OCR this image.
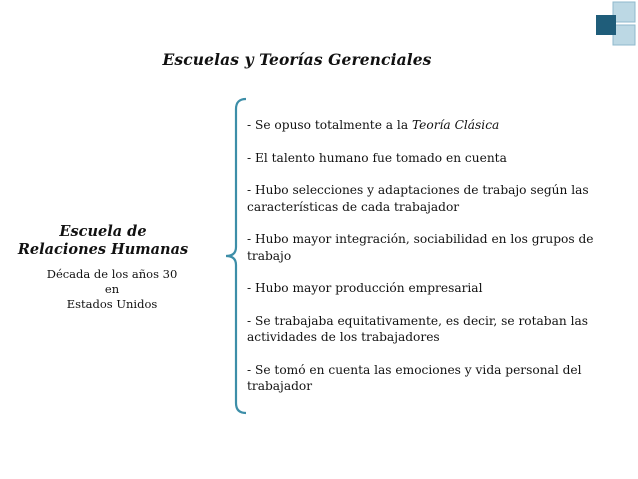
Escuelas y Teorías Gerenciales
Escuela de
Relaciones Humanas
Década de los años 30 en
Estados Unidos
- Se opuso totalmente a la Teoría Clásica
- El talento humano fue tomado en cuenta
- Hubo selecciones y adaptaciones de trabajo según las
características de cada trabajador
- Hubo mayor integración, sociabilidad en los grupos de
trabajo
- Hubo mayor producción empresarial
- Se trabajaba equitativamente, es decir, se rotaban las
actividades de los trabajadores
- Se tomó en cuenta las emociones y vida personal del
trabajador
